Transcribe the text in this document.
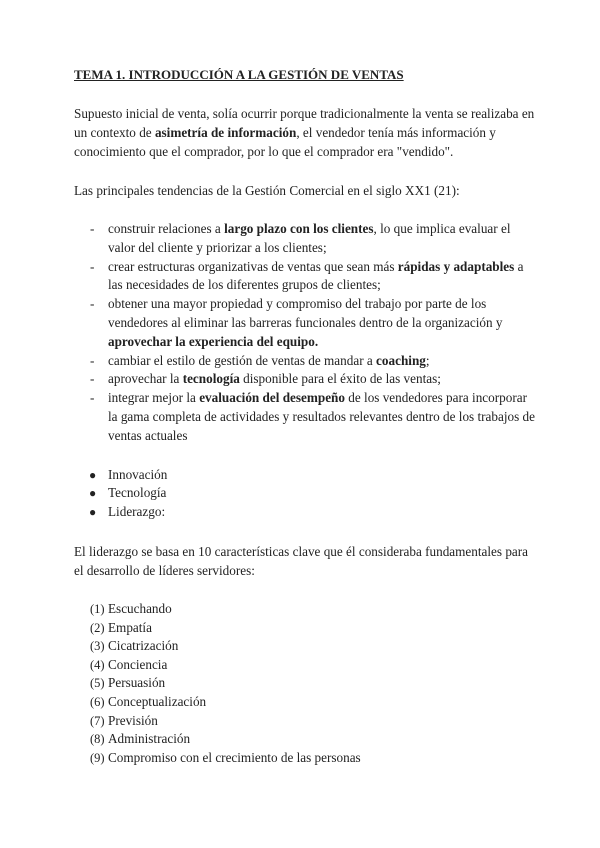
TEMA 1. INTRODUCCIÓN A LA GESTIÓN DE VENTAS

Supuesto inicial de venta, solía ocurrir porque tradicionalmente la venta se realizaba en un contexto de asimetría de información, el vendedor tenía más información y conocimiento que el comprador, por lo que el comprador era "vendido".

Las principales tendencias de la Gestión Comercial en el siglo XX1 (21):

- construir relaciones a largo plazo con los clientes, lo que implica evaluar el valor del cliente y priorizar a los clientes;
- crear estructuras organizativas de ventas que sean más rápidas y adaptables a las necesidades de los diferentes grupos de clientes;
- obtener una mayor propiedad y compromiso del trabajo por parte de los vendedores al eliminar las barreras funcionales dentro de la organización y aprovechar la experiencia del equipo.
- cambiar el estilo de gestión de ventas de mandar a coaching;
- aprovechar la tecnología disponible para el éxito de las ventas;
- integrar mejor la evaluación del desempeño de los vendedores para incorporar la gama completa de actividades y resultados relevantes dentro de los trabajos de ventas actuales
● Innovación
● Tecnología
● Liderazgo:

El liderazgo se basa en 10 características clave que él consideraba fundamentales para el desarrollo de líderes servidores:

(1) Escuchando
(2) Empatía
(3) Cicatrización
(4) Conciencia
(5) Persuasión
(6) Conceptualización
(7) Previsión
(8) Administración
(9) Compromiso con el crecimiento de las personas
